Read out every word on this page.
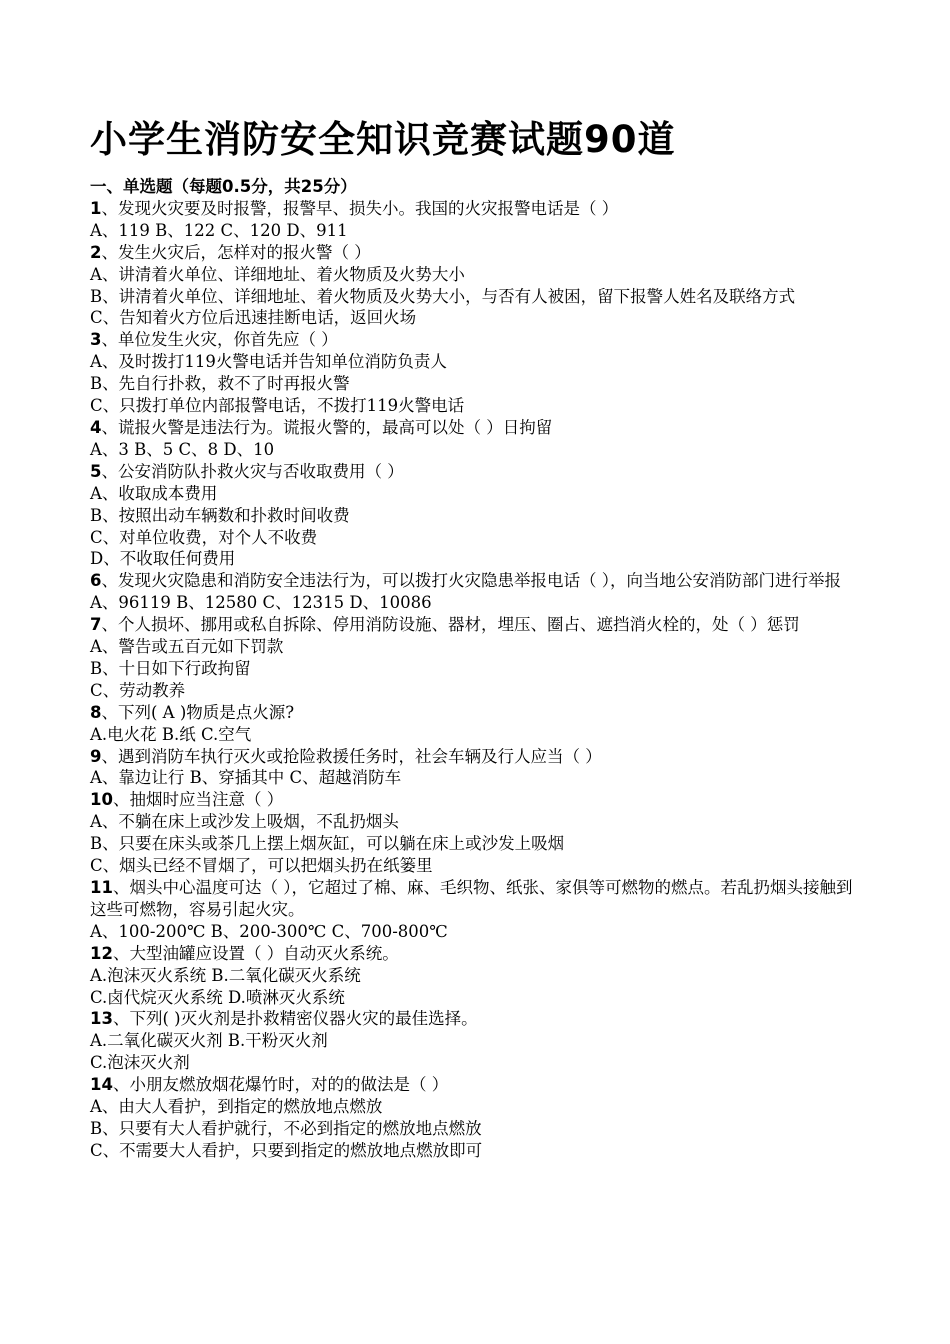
小学生消防安全知识竞赛试题90道
一、单选题（每题0.5分，共25分）
1、发现火灾要及时报警，报警早、损失小。我国的火灾报警电话是（ ）
A、119 B、122 C、120 D、911
2、发生火灾后，怎样对的报火警（ ）
A、讲清着火单位、详细地址、着火物质及火势大小
B、讲清着火单位、详细地址、着火物质及火势大小，与否有人被困，留下报警人姓名及联络方式
C、告知着火方位后迅速挂断电话，返回火场
3、单位发生火灾，你首先应（ ）
A、及时拨打119火警电话并告知单位消防负责人
B、先自行扑救，救不了时再报火警
C、只拨打单位内部报警电话，不拨打119火警电话
4、谎报火警是违法行为。谎报火警的，最高可以处（ ）日拘留
A、3 B、5 C、8 D、10
5、公安消防队扑救火灾与否收取费用（ ）
A、收取成本费用
B、按照出动车辆数和扑救时间收费
C、对单位收费，对个人不收费
D、不收取任何费用
6、发现火灾隐患和消防安全违法行为，可以拨打火灾隐患举报电话（ ），向当地公安消防部门进行举报
A、96119 B、12580 C、12315 D、10086
7、个人损坏、挪用或私自拆除、停用消防设施、器材，埋压、圈占、遮挡消火栓的，处（ ）惩罚
A、警告或五百元如下罚款
B、十日如下行政拘留
C、劳动教养
8、下列( A )物质是点火源?
A.电火花 B.纸 C.空气
9、遇到消防车执行灭火或抢险救援任务时，社会车辆及行人应当（ ）
A、靠边让行 B、穿插其中 C、超越消防车
10、抽烟时应当注意（ ）
A、不躺在床上或沙发上吸烟，不乱扔烟头
B、只要在床头或茶几上摆上烟灰缸，可以躺在床上或沙发上吸烟
C、烟头已经不冒烟了，可以把烟头扔在纸篓里
11、烟头中心温度可达（ ），它超过了棉、麻、毛织物、纸张、家俱等可燃物的燃点。若乱扔烟头接触到这些可燃物，容易引起火灾。
A、100-200℃ B、200-300℃ C、700-800℃
12、大型油罐应设置（ ）自动灭火系统。
A.泡沫灭火系统 B.二氧化碳灭火系统
C.卤代烷灭火系统 D.喷淋灭火系统
13、下列( )灭火剂是扑救精密仪器火灾的最佳选择。
A.二氧化碳灭火剂 B.干粉灭火剂
C.泡沫灭火剂
14、小朋友燃放烟花爆竹时，对的的做法是（ ）
A、由大人看护，到指定的燃放地点燃放
B、只要有大人看护就行，不必到指定的燃放地点燃放
C、不需要大人看护，只要到指定的燃放地点燃放即可
